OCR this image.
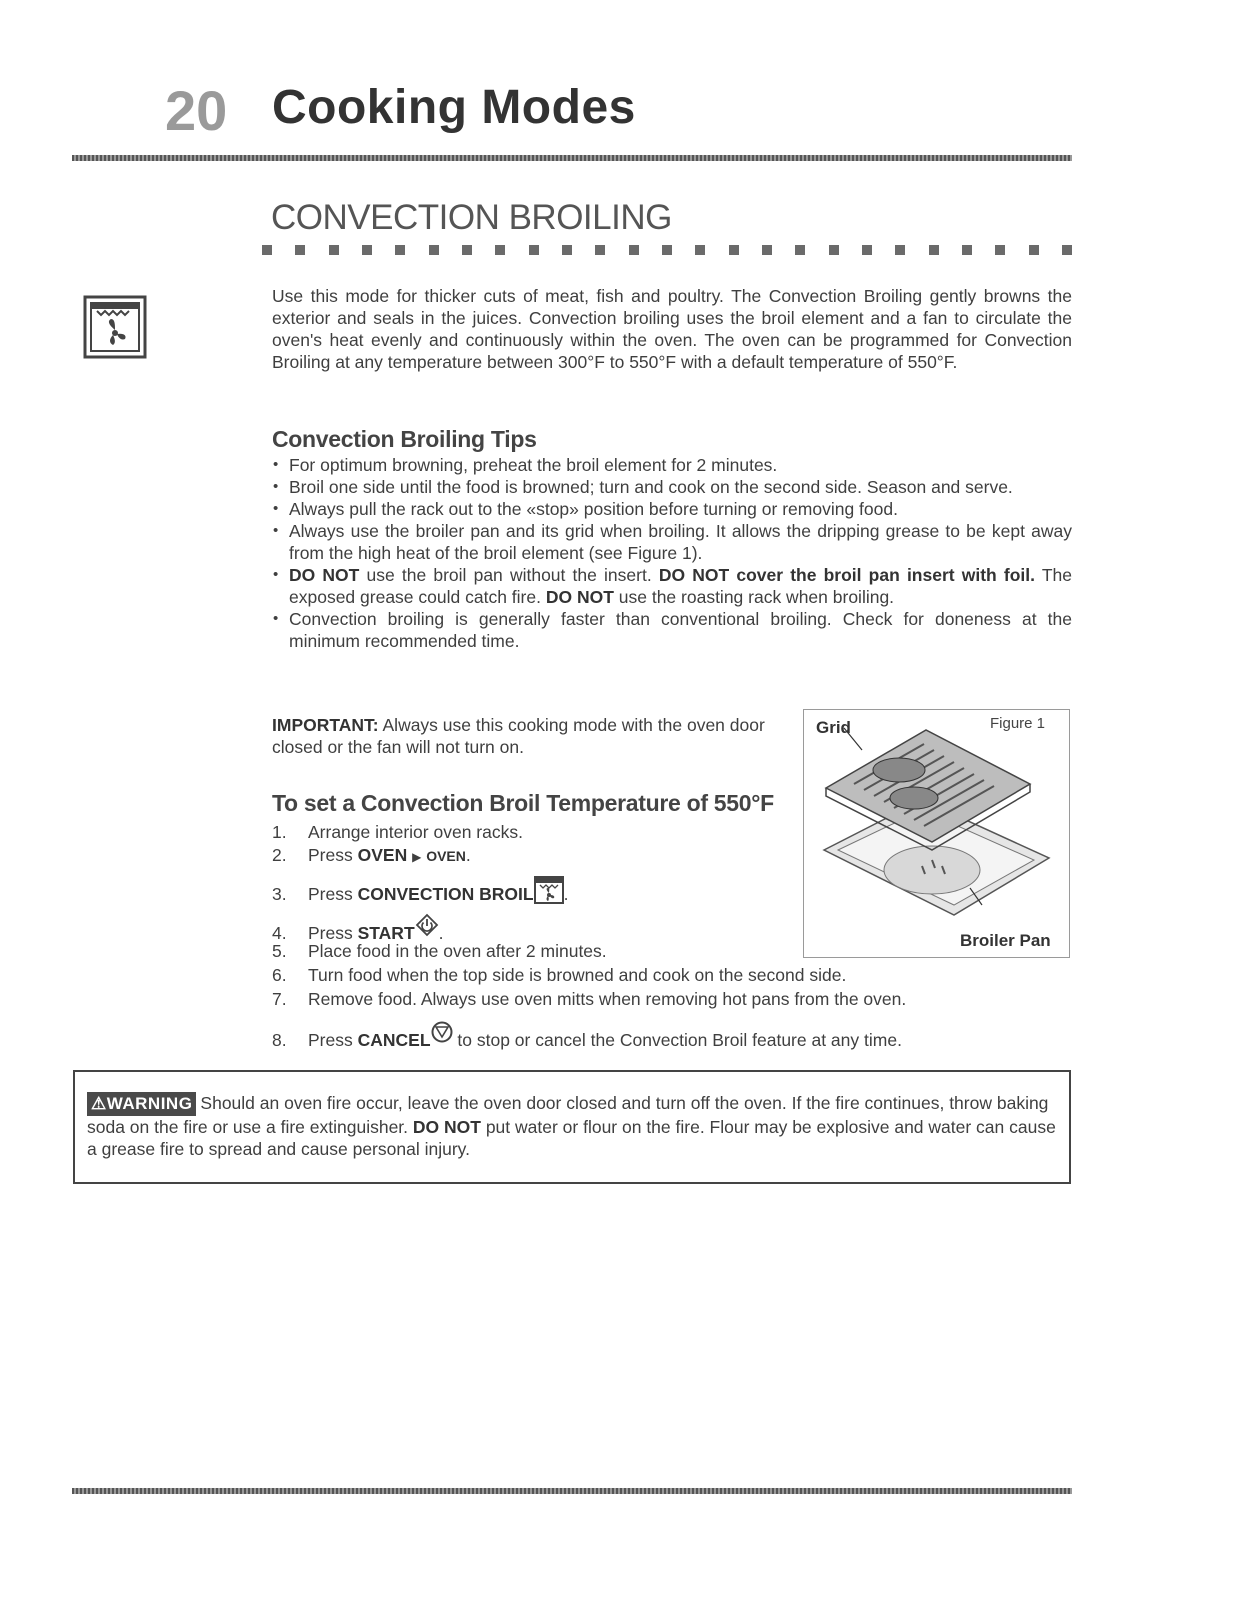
20 Cooking Modes
CONVECTION BROILING
Use this mode for thicker cuts of meat, fish and poultry. The Convection Broiling gently browns the exterior and seals in the juices. Convection broiling uses the broil element and a fan to circulate the oven's heat evenly and continuously within the oven. The oven can be programmed for Convection Broiling at any temperature between 300°F to 550°F with a default temperature of 550°F.
Convection Broiling Tips
• For optimum browning, preheat the broil element for 2 minutes.
• Broil one side until the food is browned; turn and cook on the second side. Season and serve.
• Always pull the rack out to the «stop» position before turning or removing food.
• Always use the broiler pan and its grid when broiling. It allows the dripping grease to be kept away from the high heat of the broil element (see Figure 1).
• DO NOT use the broil pan without the insert. DO NOT cover the broil pan insert with foil. The exposed grease could catch fire. DO NOT use the roasting rack when broiling.
• Convection broiling is generally faster than conventional broiling. Check for doneness at the minimum recommended time.
IMPORTANT: Always use this cooking mode with the oven door closed or the fan will not turn on.
Grid	Figure 1
Broiler Pan
To set a Convection Broil Temperature of 550°F
1. Arrange interior oven racks.
2. Press OVEN ▶ OVEN.
3. Press CONVECTION BROIL .
4. Press START .
5. Place food in the oven after 2 minutes.
6. Turn food when the top side is browned and cook on the second side.
7. Remove food. Always use oven mitts when removing hot pans from the oven.
8. Press CANCEL to stop or cancel the Convection Broil feature at any time.
⚠WARNING Should an oven fire occur, leave the oven door closed and turn off the oven. If the fire continues, throw baking soda on the fire or use a fire extinguisher. DO NOT put water or flour on the fire. Flour may be explosive and water can cause a grease fire to spread and cause personal injury.
